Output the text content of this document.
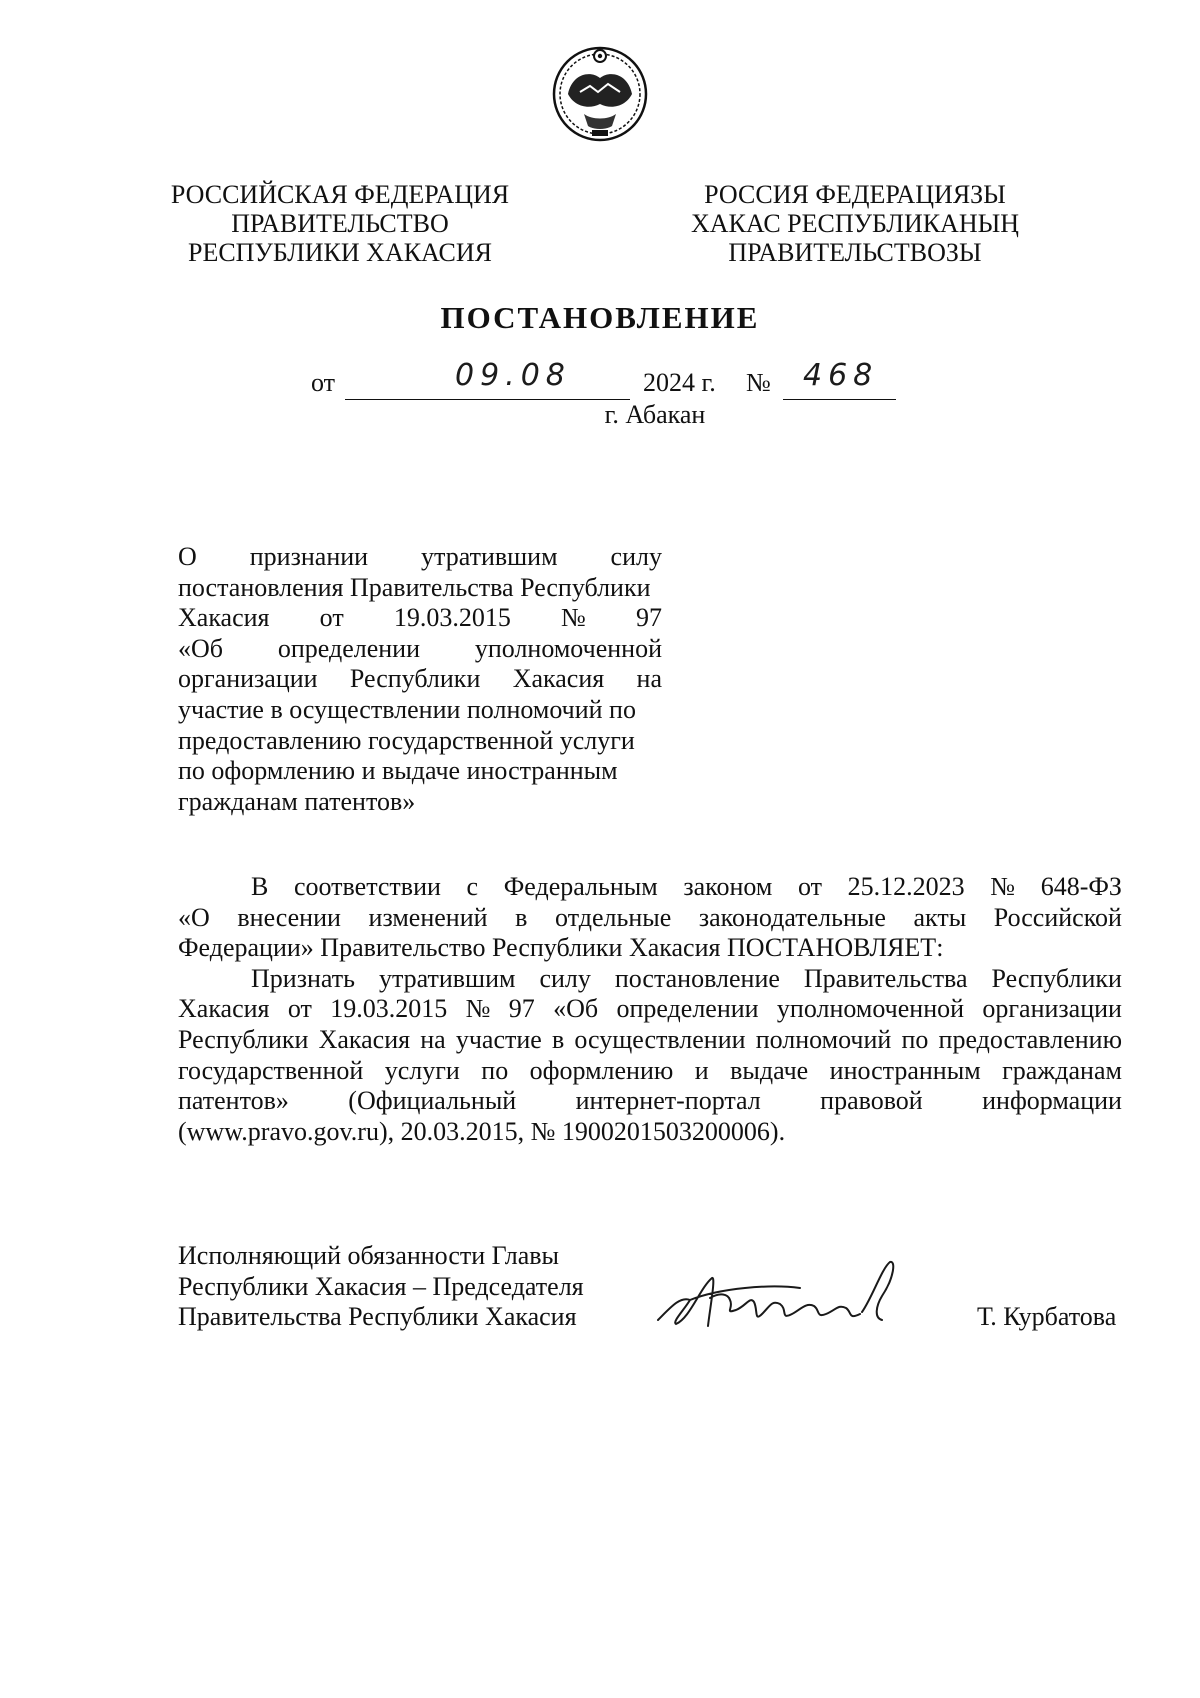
РОССИЙСКАЯ ФЕДЕРАЦИЯ
ПРАВИТЕЛЬСТВО
РЕСПУБЛИКИ ХАКАСИЯ
РОССИЯ ФЕДЕРАЦИЯЗЫ
ХАКАС РЕСПУБЛИКАНЫҢ
ПРАВИТЕЛЬСТВОЗЫ
ПОСТАНОВЛЕНИЕ
от	09.08	2024 г. № 468
г. Абакан
О признании утратившим силу
постановления Правительства Республики
Хакасия от 19.03.2015 № 97
«Об определении уполномоченной
организации Республики Хакасия на
участие в осуществлении полномочий по
предоставлению государственной услуги
по оформлению и выдаче иностранным
гражданам патентов»
В соответствии с Федеральным законом от 25.12.2023 № 648-ФЗ
«О внесении изменений в отдельные законодательные акты Российской
Федерации» Правительство Республики Хакасия ПОСТАНОВЛЯЕТ:
Признать утратившим силу постановление Правительства Республики
Хакасия от 19.03.2015 № 97 «Об определении уполномоченной организации
Республики Хакасия на участие в осуществлении полномочий по предоставлению
государственной услуги по оформлению и выдаче иностранным гражданам
патентов» (Официальный интернет-портал правовой информации
(www.pravo.gov.ru), 20.03.2015, № 1900201503200006).
Исполняющий обязанности Главы
Республики Хакасия – Председателя
Правительства Республики Хакасия	Т. Курбатова
